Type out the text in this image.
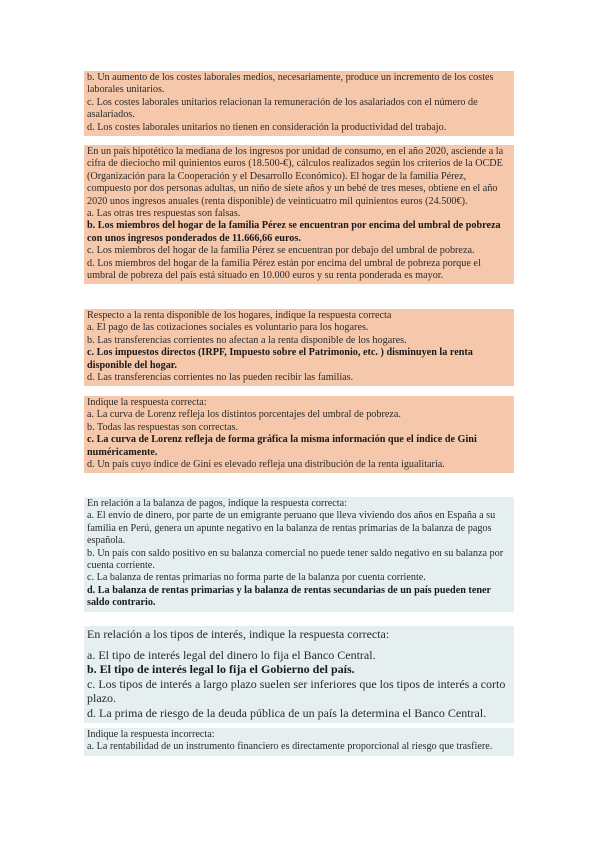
b. Un aumento de los costes laborales medios, necesariamente, produce un incremento de los costes laborales unitarios.

c. Los costes laborales unitarios relacionan la remuneración de los asalariados con el número de asalariados.

d. Los costes laborales unitarios no tienen en consideración la productividad del trabajo.

En un país hipotético la mediana de los ingresos por unidad de consumo, en el año 2020, asciende a la cifra de dieciocho mil quinientos euros (18.500-€), cálculos realizados según los criterios de la OCDE (Organización para la Cooperación y el Desarrollo Económico). El hogar de la familia Pérez, compuesto por dos personas adultas, un niño de siete años y un bebé de tres meses, obtiene en el año 2020 unos ingresos anuales (renta disponible) de veinticuatro mil quinientos euros (24.500€).

a. Las otras tres respuestas son falsas.

b. Los miembros del hogar de la familia Pérez se encuentran por encima del umbral de pobreza con unos ingresos ponderados de 11.666,66 euros.

c. Los miembros del hogar de la familia Pérez se encuentran por debajo del umbral de pobreza.

d. Los miembros del hogar de la familia Pérez están por encima del umbral de pobreza porque el umbral de pobreza del país está situado en 10.000 euros y su renta ponderada es mayor.

Respecto a la renta disponible de los hogares, indique la respuesta correcta

a. El pago de las cotizaciones sociales es voluntario para los hogares.

b. Las transferencias corrientes no afectan a la renta disponible de los hogares.

c. Los impuestos directos (IRPF, Impuesto sobre el Patrimonio, etc. ) disminuyen la renta disponible del hogar.

d. Las transferencias corrientes no las pueden recibir las familias.

Indique la respuesta correcta:

a. La curva de Lorenz refleja los distintos porcentajes del umbral de pobreza.

b. Todas las respuestas son correctas.

c. La curva de Lorenz refleja de forma gráfica la misma información que el índice de Gini numéricamente.

d. Un país cuyo índice de Gini es elevado refleja una distribución de la renta igualitaria.

En relación a la balanza de pagos, indique la respuesta correcta:

a. El envío de dinero, por parte de un emigrante peruano que lleva viviendo dos años en España a su familia en Perú, genera un apunte negativo en la balanza de rentas primarias de la balanza de pagos española.

b. Un país con saldo positivo en su balanza comercial no puede tener saldo negativo en su balanza por cuenta corriente.

c. La balanza de rentas primarias no forma parte de la balanza por cuenta corriente.

d. La balanza de rentas primarias y la balanza de rentas secundarias de un país pueden tener saldo contrario.

En relación a los tipos de interés, indique la respuesta correcta:

a. El tipo de interés legal del dinero lo fija el Banco Central.

b. El tipo de interés legal lo fija el Gobierno del país.

c. Los tipos de interés a largo plazo suelen ser inferiores que los tipos de interés a corto plazo.

d. La prima de riesgo de la deuda pública de un país la determina el Banco Central.

Indique la respuesta incorrecta:

a. La rentabilidad de un instrumento financiero es directamente proporcional al riesgo que trasfiere.
